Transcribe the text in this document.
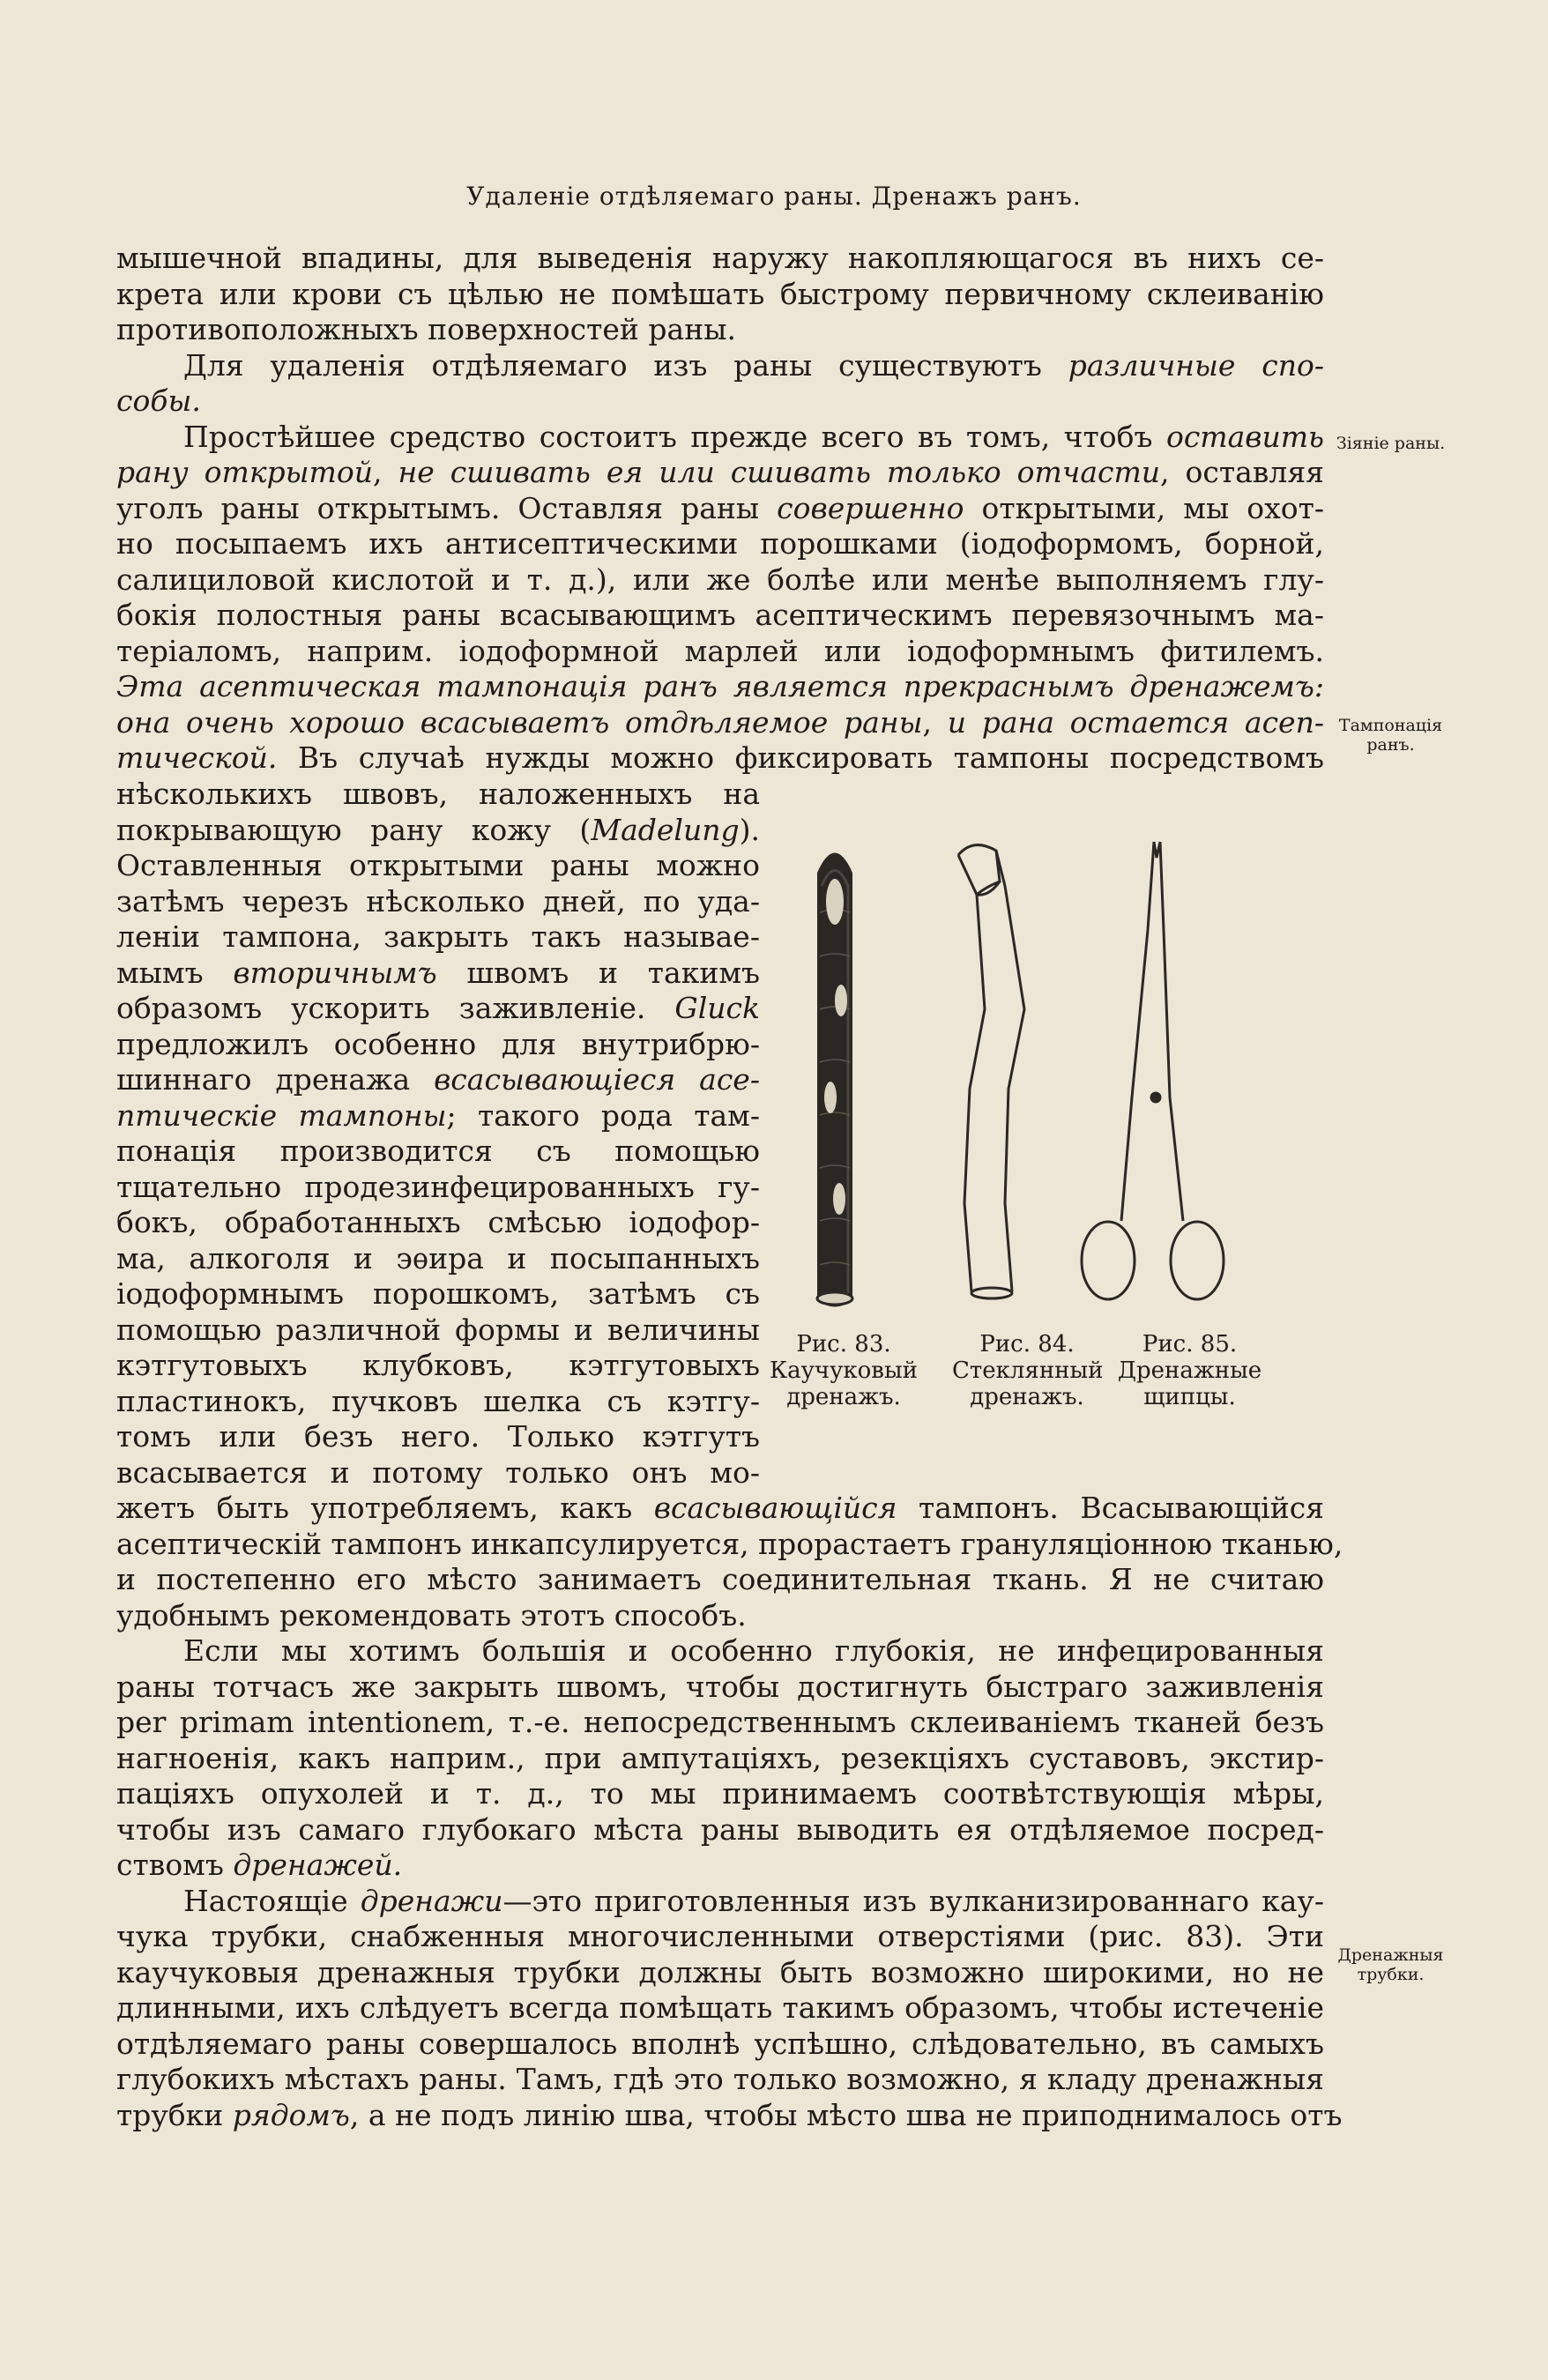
Удаленіе отдѣляемаго раны. Дренажъ ранъ.
мышечной впадины, для выведенія наружу накопляющагося въ нихъ се-
крета или крови съ цѣлью не помѣшать быстрому первичному склеиванію
противоположныхъ поверхностей раны.
Для удаленія отдѣляемаго изъ раны существуютъ различные спо-
собы.
Простѣйшее средство состоитъ прежде всего въ томъ, чтобъ оставить
рану открытой, не сшивать ея или сшивать только отчасти, оставляя
уголъ раны открытымъ. Оставляя раны совершенно открытыми, мы охот-
но посыпаемъ ихъ антисептическими порошками (іодоформомъ, борной,
салициловой кислотой и т. д.), или же болѣе или менѣе выполняемъ глу-
бокія полостныя раны всасывающимъ асептическимъ перевязочнымъ ма-
теріаломъ, наприм. іодоформной марлей или іодоформнымъ фитилемъ.
Эта асептическая тампонація ранъ является прекраснымъ дренажемъ:
она очень хорошо всасываетъ отдѣляемое раны, и рана остается асеп-
тической. Въ случаѣ нужды можно фиксировать тампоны посредствомъ
нѣсколькихъ швовъ, наложенныхъ на
покрывающую рану кожу (Madelung).
Оставленныя открытыми раны можно
затѣмъ черезъ нѣсколько дней, по уда-
леніи тампона, закрыть такъ называе-
мымъ вторичнымъ швомъ и такимъ
образомъ ускорить заживленіе. Gluck
предложилъ особенно для внутрибрю-
шиннаго дренажа всасывающіеся асе-
птическіе тампоны; такого рода там-
понація производится съ помощью
тщательно продезинфецированныхъ гу-
бокъ, обработанныхъ смѣсью іодофор-
ма, алкоголя и эѳира и посыпанныхъ
іодоформнымъ порошкомъ, затѣмъ съ
помощью различной формы и величины
кэтгутовыхъ клубковъ, кэтгутовыхъ
пластинокъ, пучковъ шелка съ кэтгу-
томъ или безъ него. Только кэтгутъ
всасывается и потому только онъ мо-
жетъ быть употребляемъ, какъ всасывающійся тампонъ. Всасывающійся
асептическій тампонъ инкапсулируется, прорастаетъ грануляціонною тканью,
и постепенно его мѣсто занимаетъ соединительная ткань. Я не считаю
удобнымъ рекомендовать этотъ способъ.
Если мы хотимъ большія и особенно глубокія, не инфецированныя
раны тотчасъ же закрыть швомъ, чтобы достигнуть быстраго заживленія
per primam intentionem, т.-е. непосредственнымъ склеиваніемъ тканей безъ
нагноенія, какъ наприм., при ампутаціяхъ, резекціяхъ суставовъ, экстир-
паціяхъ опухолей и т. д., то мы принимаемъ соотвѣтствующія мѣры,
чтобы изъ самаго глубокаго мѣста раны выводить ея отдѣляемое посред-
ствомъ дренажей.
Настоящіе дренажи—это приготовленныя изъ вулканизированнаго кау-
чука трубки, снабженныя многочисленными отверстіями (рис. 83). Эти
каучуковыя дренажныя трубки должны быть возможно широкими, но не
длинными, ихъ слѣдуетъ всегда помѣщать такимъ образомъ, чтобы истеченіе
отдѣляемаго раны совершалось вполнѣ успѣшно, слѣдовательно, въ самыхъ
глубокихъ мѣстахъ раны. Тамъ, гдѣ это только возможно, я кладу дренажныя
трубки рядомъ, а не подъ линію шва, чтобы мѣсто шва не приподнималось отъ
Зіяніе раны.
Тампонація
ранъ.
Дренажныя
трубки.
Рис. 83.
Каучуковый
дренажъ.
Рис. 84.
Стеклянный
дренажъ.
Рис. 85.
Дренажные
щипцы.
